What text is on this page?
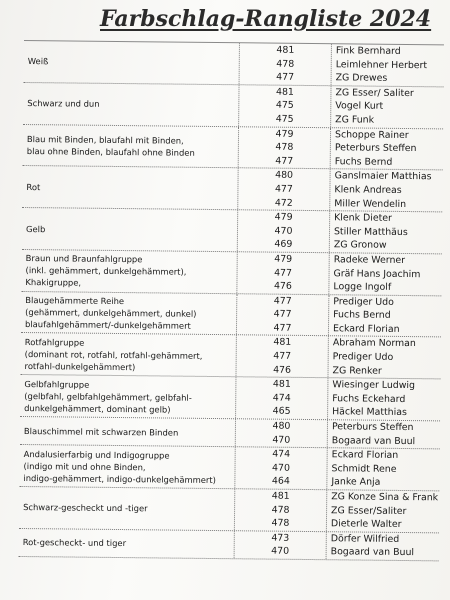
Farbschlag-Rangliste 2024
Weiß
481
478
477
Fink Bernhard
Leimlehner Herbert
ZG Drewes
Schwarz und dun
481
475
475
ZG Esser/ Saliter
Vogel Kurt
ZG Funk
Blau mit Binden, blaufahl mit Binden,
blau ohne Binden, blaufahl ohne Binden
479
478
477
Schoppe Rainer
Peterburs Steffen
Fuchs Bernd
Rot
480
477
472
Ganslmaier Matthias
Klenk Andreas
Miller Wendelin
Gelb
479
470
469
Klenk Dieter
Stiller Matthäus
ZG Gronow
Braun und Braunfahlgruppe
(inkl. gehämmert, dunkelgehämmert),
Khakigruppe,
479
477
476
Radeke Werner
Gräf Hans Joachim
Logge Ingolf
Blaugehämmerte Reihe
(gehämmert, dunkelgehämmert, dunkel)
blaufahlgehämmert/-dunkelgehämmert
477
477
477
Prediger Udo
Fuchs Bernd
Eckard Florian
Rotfahlgruppe
(dominant rot, rotfahl, rotfahl-gehämmert,
rotfahl-dunkelgehämmert)
481
477
476
Abraham Norman
Prediger Udo
ZG Renker
Gelbfahlgruppe
(gelbfahl, gelbfahlgehämmert, gelbfahl-
dunkelgehämmert, dominant gelb)
481
474
465
Wiesinger Ludwig
Fuchs Eckehard
Häckel Matthias
Blauschimmel mit schwarzen Binden	480
470
Peterburs Steffen
Bogaard van Buul
Andalusierfarbig und Indigogruppe
(indigo mit und ohne Binden,
indigo-gehämmert, indigo-dunkelgehämmert)
474
470
464
Eckard Florian
Schmidt Rene
Janke Anja
Schwarz-gescheckt und -tiger
481
478
478
ZG Konze Sina & Frank
ZG Esser/Saliter
Dieterle Walter
Rot-gescheckt- und tiger	473
470
Dörfer Wilfried
Bogaard van Buul
